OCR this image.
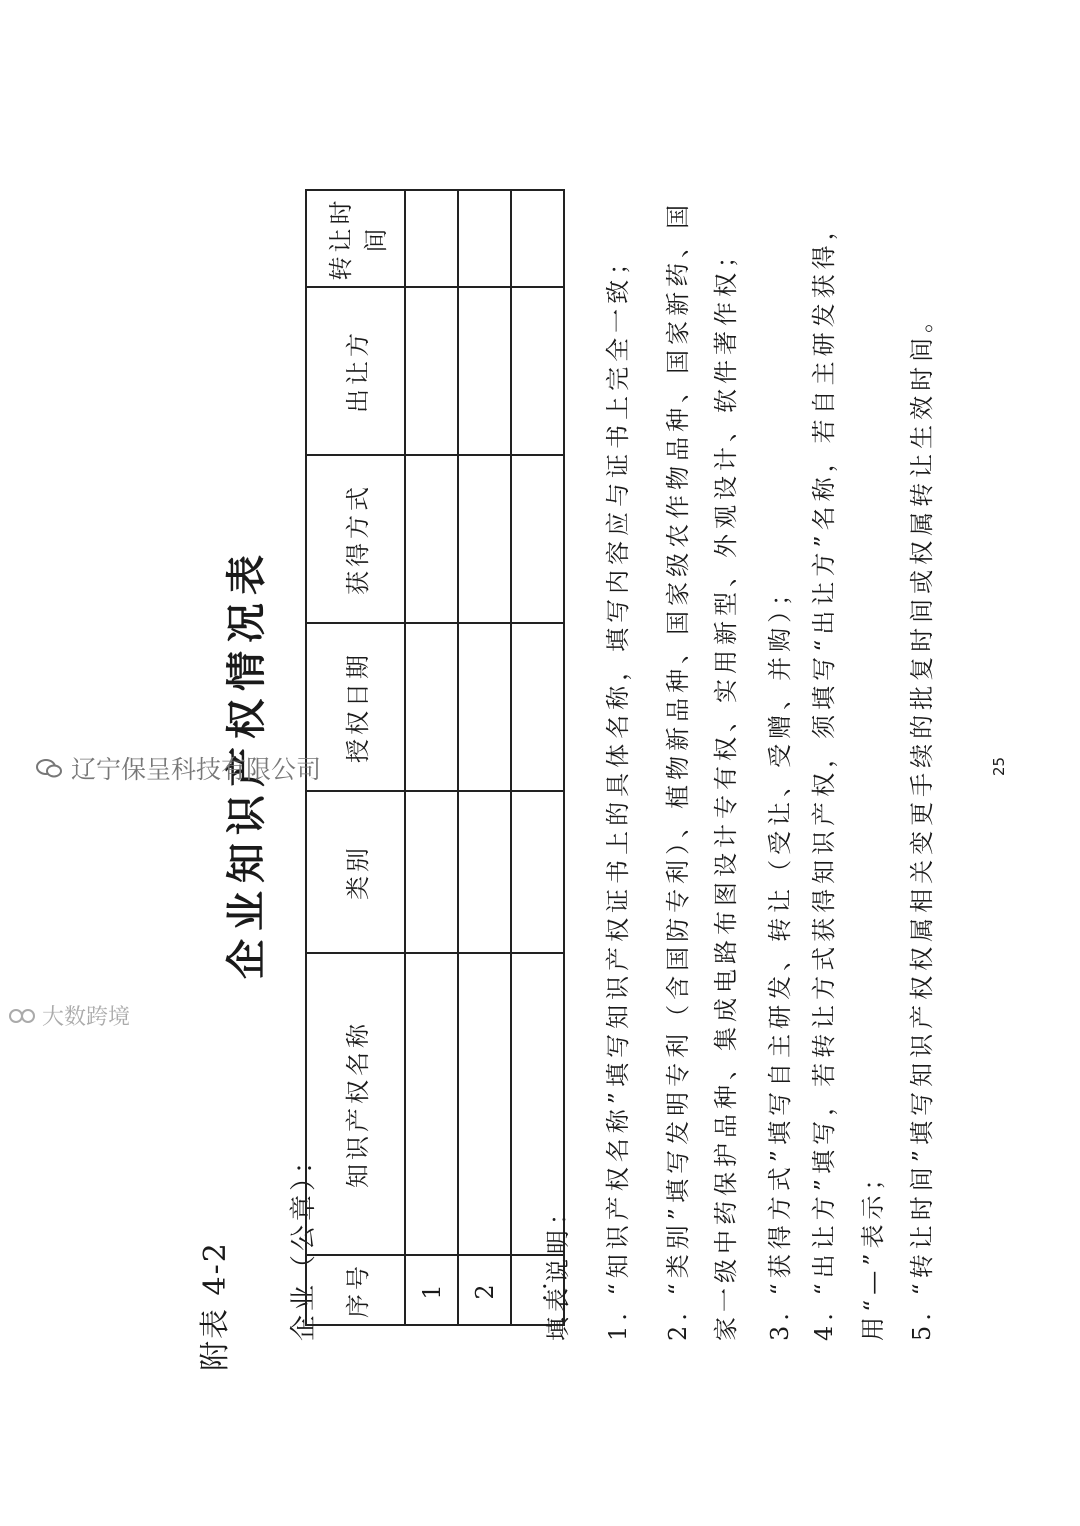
附表 4-2
企业知识产权情况表
企业（公章）： 序号	知识产权名称	类别	授权日期	获得方式	出让方	转让时间
1						
2						
..						
填表说明： 1. “知识产权名称”填写知识产权证书上的具体名称，填写内容应与证书上完全一致； 2. “类别”填写发明专利（含国防专利）、植物新品种、国家级农作物品种、国家新药、国 家一级中药保护品种、集成电路布图设计专有权、实用新型、外观设计、软件著作权； 3. “获得方式”填写自主研发、转让（受让、受赠、并购）； 4. “出让方”填写，若转让方式获得知识产权，须填写“出让方”名称，若自主研发获得， 用“—”表示； 5. “转让时间”填写知识产权权属相关变更手续的批复时间或权属转让生效时间。	25
大数跨境
辽宁保呈科技有限公司
